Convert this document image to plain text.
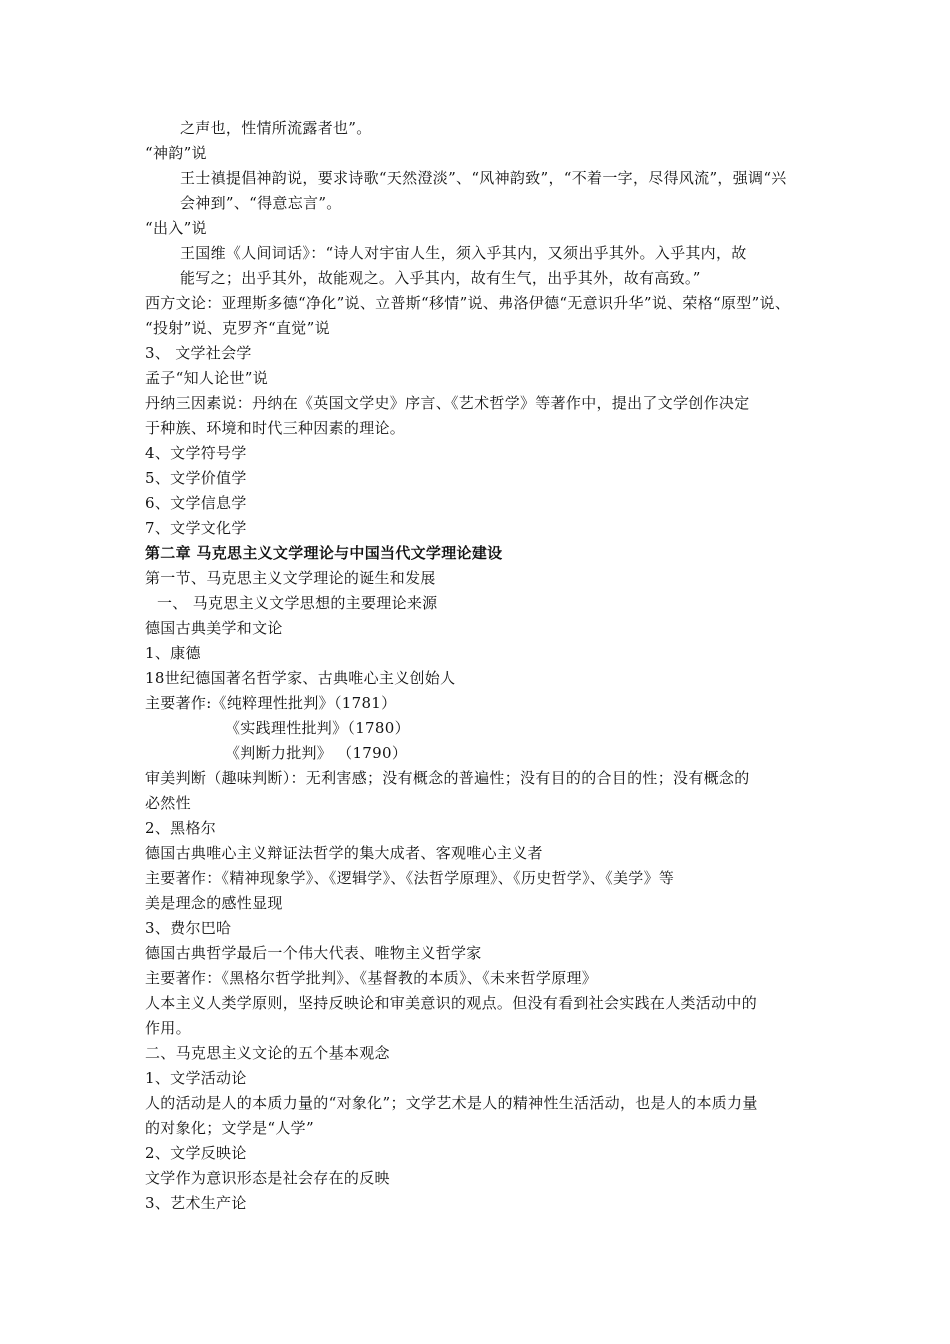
之声也，性情所流露者也”。
“神韵”说
王士禛提倡神韵说，要求诗歌“天然澄淡”、“风神韵致”，“不着一字，尽得风流”，强调“兴
会神到”、“得意忘言”。
“出入”说
王国维《人间词话》：“诗人对宇宙人生，须入乎其内，又须出乎其外。入乎其内，故
能写之；出乎其外，故能观之。入乎其内，故有生气，出乎其外，故有高致。”
西方文论：亚理斯多德“净化”说、立普斯“移情”说、弗洛伊德“无意识升华”说、荣格“原型”说、
“投射”说、克罗齐“直觉”说
3、 文学社会学
孟子“知人论世”说
丹纳三因素说：丹纳在《英国文学史》序言、《艺术哲学》等著作中，提出了文学创作决定
于种族、环境和时代三种因素的理论。
4、文学符号学
5、文学价值学
6、文学信息学
7、文学文化学
第二章 马克思主义文学理论与中国当代文学理论建设
第一节、马克思主义文学理论的诞生和发展
一、 马克思主义文学思想的主要理论来源
德国古典美学和文论
1、康德
18世纪德国著名哲学家、古典唯心主义创始人
主要著作:《纯粹理性批判》（1781）
《实践理性批判》（1780）
《判断力批判》 （1790）
审美判断（趣味判断）：无利害感；没有概念的普遍性；没有目的的合目的性；没有概念的
必然性
2、黑格尔
德国古典唯心主义辩证法哲学的集大成者、客观唯心主义者
主要著作：《精神现象学》、《逻辑学》、《法哲学原理》、《历史哲学》、《美学》等
美是理念的感性显现
3、费尔巴哈
德国古典哲学最后一个伟大代表、唯物主义哲学家
主要著作：《黑格尔哲学批判》、《基督教的本质》、《未来哲学原理》
人本主义人类学原则，坚持反映论和审美意识的观点。但没有看到社会实践在人类活动中的
作用。
二、马克思主义文论的五个基本观念
1、文学活动论
人的活动是人的本质力量的“对象化”；文学艺术是人的精神性生活活动，也是人的本质力量
的对象化；文学是“人学”
2、文学反映论
文学作为意识形态是社会存在的反映
3、艺术生产论
